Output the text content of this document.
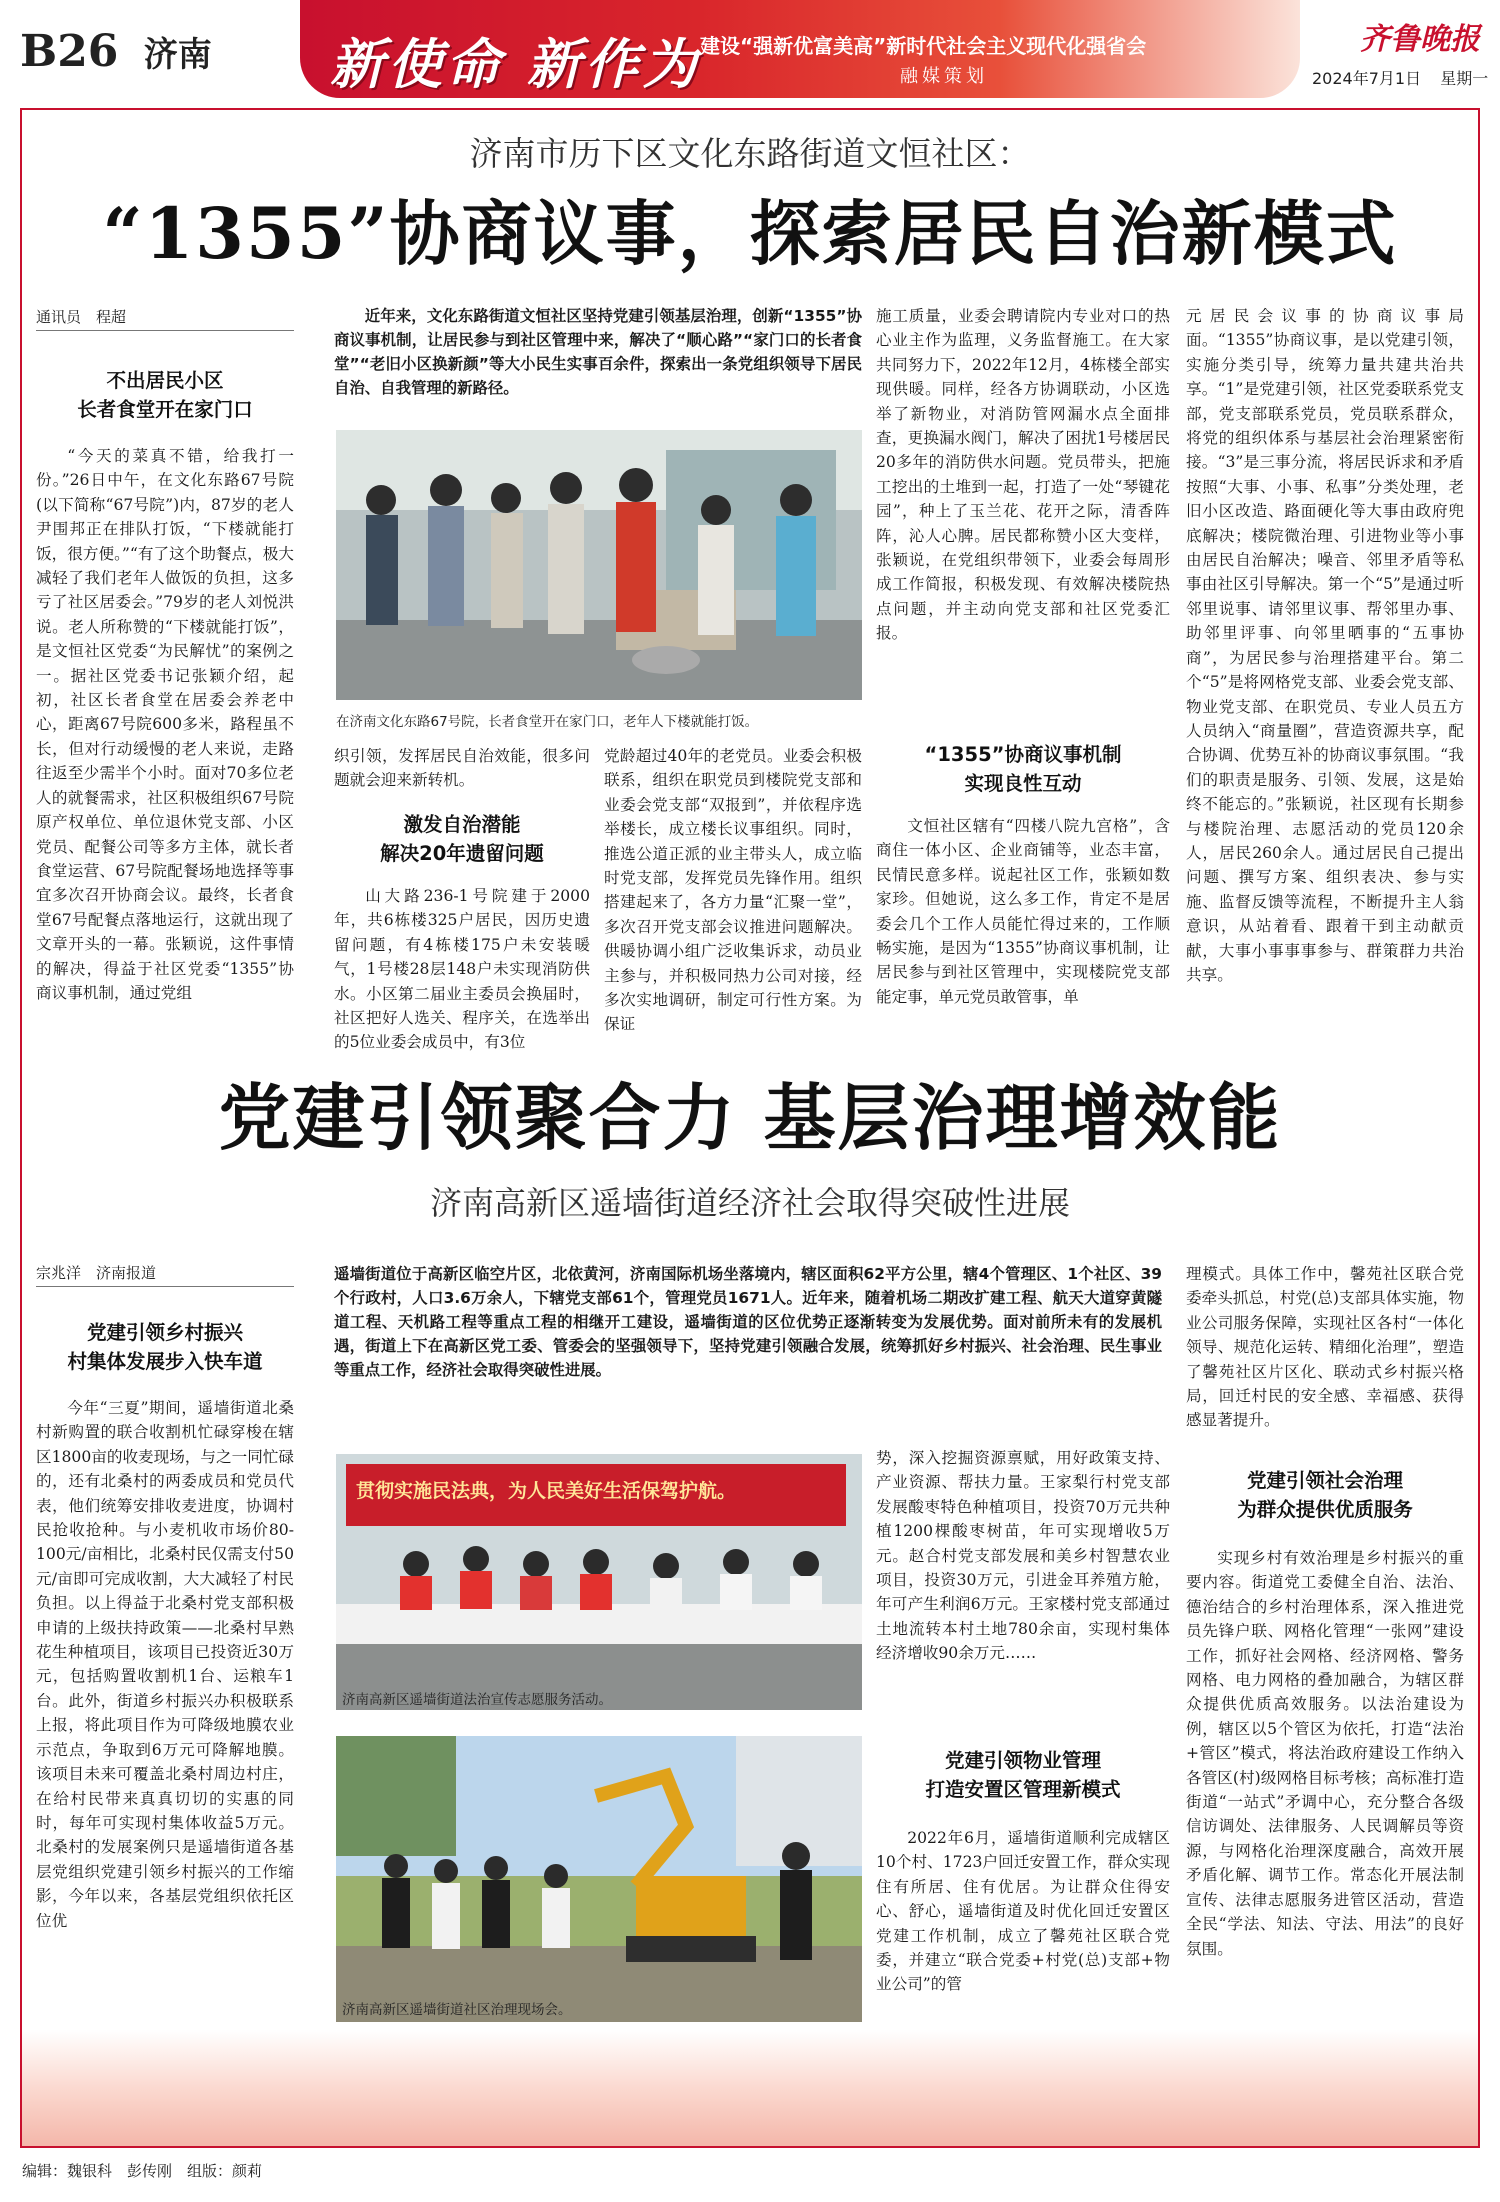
B26 济南 新使命 新作为 建设“强新优富美高”新时代社会主义现代化强省会
融媒策划
齐鲁晚报
2024年7月1日 星期一
济南市历下区文化东路街道文恒社区：
“1355”协商议事，探索居民自治新模式
通讯员　程超
不出居民小区
长者食堂开在家门口

“今天的菜真不错，给我打一份。”26日中午，在文化东路67号院(以下简称“67号院”)内，87岁的老人尹围邦正在排队打饭，“下楼就能打饭，很方便。”“有了这个助餐点，极大减轻了我们老年人做饭的负担，这多亏了社区居委会。”79岁的老人刘悦洪说。老人所称赞的“下楼就能打饭”，是文恒社区党委“为民解忧”的案例之一。据社区党委书记张颖介绍，起初，社区长者食堂在居委会养老中心，距离67号院600多米，路程虽不长，但对行动缓慢的老人来说，走路往返至少需半个小时。面对70多位老人的就餐需求，社区积极组织67号院原产权单位、单位退休党支部、小区党员、配餐公司等多方主体，就长者食堂运营、67号院配餐场地选择等事宜多次召开协商会议。最终，长者食堂67号配餐点落地运行，这就出现了文章开头的一幕。张颖说，这件事情的解决，得益于社区党委“1355”协商议事机制，通过党组

近年来，文化东路街道文恒社区坚持党建引领基层治理，创新“1355”协商议事机制，让居民参与到社区管理中来，解决了“顺心路”“家门口的长者食堂”“老旧小区换新颜”等大小民生实事百余件，探索出一条党组织领导下居民自治、自我管理的新路径。

在济南文化东路67号院，长者食堂开在家门口，老年人下楼就能打饭。

织引领，发挥居民自治效能，很多问题就会迎来新转机。

激发自治潜能
解决20年遗留问题

山大路236-1号院建于2000年，共6栋楼325户居民，因历史遗留问题，有4栋楼175户未安装暖气，1号楼28层148户未实现消防供水。小区第二届业主委员会换届时，社区把好人选关、程序关，在选举出的5位业委会成员中，有3位

党龄超过40年的老党员。业委会积极联系，组织在职党员到楼院党支部和业委会党支部“双报到”，并依程序选举楼长，成立楼长议事组织。同时，推选公道正派的业主带头人，成立临时党支部，发挥党员先锋作用。组织搭建起来了，各方力量“汇聚一堂”，多次召开党支部会议推进问题解决。供暖协调小组广泛收集诉求，动员业主参与，并积极同热力公司对接，经多次实地调研，制定可行性方案。为保证

施工质量，业委会聘请院内专业对口的热心业主作为监理，义务监督施工。在大家共同努力下，2022年12月，4栋楼全部实现供暖。同样，经各方协调联动，小区选举了新物业，对消防管网漏水点全面排查，更换漏水阀门，解决了困扰1号楼居民20多年的消防供水问题。党员带头，把施工挖出的土堆到一起，打造了一处“琴键花园”，种上了玉兰花、花开之际，清香阵阵，沁人心脾。居民都称赞小区大变样，张颖说，在党组织带领下，业委会每周形成工作简报，积极发现、有效解决楼院热点问题，并主动向党支部和社区党委汇报。

“1355”协商议事机制
实现良性互动

文恒社区辖有“四楼八院九宫格”，含商住一体小区、企业商铺等，业态丰富，民情民意多样。说起社区工作，张颖如数家珍。但她说，这么多工作，肯定不是居委会几个工作人员能忙得过来的，工作顺畅实施，是因为“1355”协商议事机制，让居民参与到社区管理中，实现楼院党支部能定事，单元党员敢管事，单

元居民会议事的协商议事局面。“1355”协商议事，是以党建引领，实施分类引导，统筹力量共建共治共享。“1”是党建引领，社区党委联系党支部，党支部联系党员，党员联系群众，将党的组织体系与基层社会治理紧密衔接。“3”是三事分流，将居民诉求和矛盾按照“大事、小事、私事”分类处理，老旧小区改造、路面硬化等大事由政府兜底解决；楼院微治理、引进物业等小事由居民自治解决；噪音、邻里矛盾等私事由社区引导解决。第一个“5”是通过听邻里说事、请邻里议事、帮邻里办事、助邻里评事、向邻里晒事的“五事协商”，为居民参与治理搭建平台。第二个“5”是将网格党支部、业委会党支部、物业党支部、在职党员、专业人员五方人员纳入“商量圈”，营造资源共享，配合协调、优势互补的协商议事氛围。“我们的职责是服务、引领、发展，这是始终不能忘的。”张颖说，社区现有长期参与楼院治理、志愿活动的党员120余人，居民260余人。通过居民自己提出问题、撰写方案、组织表决、参与实施、监督反馈等流程，不断提升主人翁意识，从站着看、跟着干到主动献贡献，大事小事事事参与、群策群力共治共享。

党建引领聚合力 基层治理增效能
济南高新区遥墙街道经济社会取得突破性进展
宗兆洋　济南报道
党建引领乡村振兴
村集体发展步入快车道

今年“三夏”期间，遥墙街道北桑村新购置的联合收割机忙碌穿梭在辖区1800亩的收麦现场，与之一同忙碌的，还有北桑村的两委成员和党员代表，他们统筹安排收麦进度，协调村民抢收抢种。与小麦机收市场价80-100元/亩相比，北桑村民仅需支付50元/亩即可完成收割，大大减轻了村民负担。以上得益于北桑村党支部积极申请的上级扶持政策——北桑村早熟花生种植项目，该项目已投资近30万元，包括购置收割机1台、运粮车1台。此外，街道乡村振兴办积极联系上报，将此项目作为可降级地膜农业示范点，争取到6万元可降解地膜。该项目未来可覆盖北桑村周边村庄，在给村民带来真真切切的实惠的同时，每年可实现村集体收益5万元。北桑村的发展案例只是遥墙街道各基层党组织党建引领乡村振兴的工作缩影，今年以来，各基层党组织依托区位优

遥墙街道位于高新区临空片区，北依黄河，济南国际机场坐落境内，辖区面积62平方公里，辖4个管理区、1个社区、39个行政村，人口3.6万余人，下辖党支部61个，管理党员1671人。近年来，随着机场二期改扩建工程、航天大道穿黄隧道工程、天机路工程等重点工程的相继开工建设，遥墙街道的区位优势正逐渐转变为发展优势。面对前所未有的发展机遇，街道上下在高新区党工委、管委会的坚强领导下，坚持党建引领融合发展，统筹抓好乡村振兴、社会治理、民生事业等重点工作，经济社会取得突破性进展。

贯彻实施民法典，为人民美好生活保驾护航。
济南高新区遥墙街道法治宣传志愿服务活动。
济南高新区遥墙街道社区治理现场会。

势，深入挖掘资源禀赋，用好政策支持、产业资源、帮扶力量。王家梨行村党支部发展酸枣特色种植项目，投资70万元共种植1200棵酸枣树苗，年可实现增收5万元。赵合村党支部发展和美乡村智慧农业项目，投资30万元，引进金耳养殖方舱，年可产生利润6万元。王家楼村党支部通过土地流转本村土地780余亩，实现村集体经济增收90余万元……

党建引领物业管理
打造安置区管理新模式

2022年6月，遥墙街道顺利完成辖区10个村、1723户回迁安置工作，群众实现住有所居、住有优居。为让群众住得安心、舒心，遥墙街道及时优化回迁安置区党建工作机制，成立了馨苑社区联合党委，并建立“联合党委+村党(总)支部+物业公司”的管

理模式。具体工作中，馨苑社区联合党委牵头抓总，村党(总)支部具体实施，物业公司服务保障，实现社区各村“一体化领导、规范化运转、精细化治理”，塑造了馨苑社区片区化、联动式乡村振兴格局，回迁村民的安全感、幸福感、获得感显著提升。

党建引领社会治理
为群众提供优质服务

实现乡村有效治理是乡村振兴的重要内容。街道党工委健全自治、法治、德治结合的乡村治理体系，深入推进党员先锋户联、网格化管理“一张网”建设工作，抓好社会网格、经济网格、警务网格、电力网格的叠加融合，为辖区群众提供优质高效服务。以法治建设为例，辖区以5个管区为依托，打造“法治+管区”模式，将法治政府建设工作纳入各管区(村)级网格目标考核；高标准打造街道“一站式”矛调中心，充分整合各级信访调处、法律服务、人民调解员等资源，与网格化治理深度融合，高效开展矛盾化解、调节工作。常态化开展法制宣传、法律志愿服务进管区活动，营造全民“学法、知法、守法、用法”的良好氛围。

编辑：魏银科　彭传刚　组版：颜莉
